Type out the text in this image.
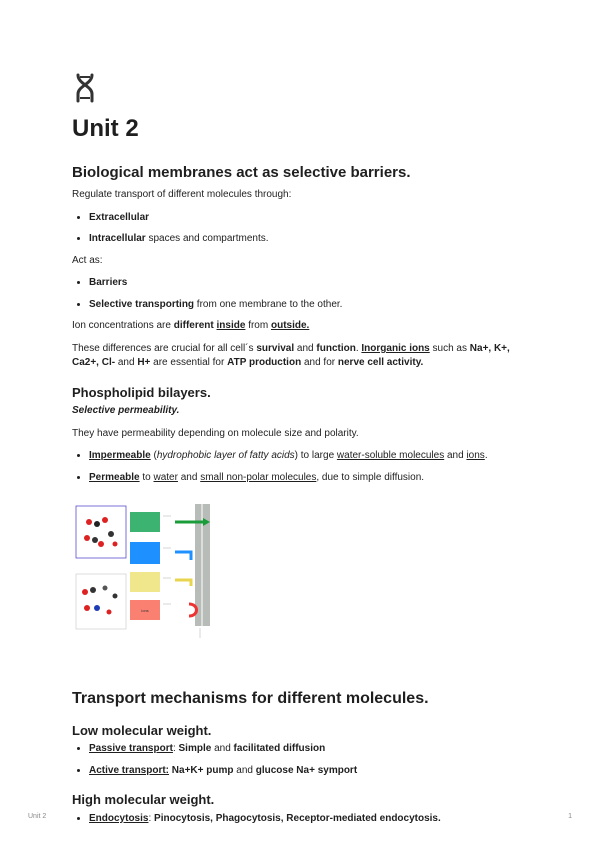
Unit 2
Biological membranes act as selective barriers.

Regulate transport of different molecules through:

• Extracellular
• Intracellular spaces and compartments.

Act as:

• Barriers
• Selective transporting from one membrane to the other.

Ion concentrations are different inside from outside.

These differences are crucial for all cell´s survival and function. Inorganic ions such as Na+, K+, Ca2+, Cl- and H+ are essential for ATP production and for nerve cell activity.

Phospholipid bilayers.

Selective permeability.

They have permeability depending on molecule size and polarity.

• Impermeable (hydrophobic layer of fatty acids) to large water-soluble molecules and ions.
• Permeable to water and small non-polar molecules, due to simple diffusion.
ions
Transport mechanisms for different molecules.
Low molecular weight.
• Passive transport: Simple and facilitated diffusion
• Active transport: Na+K+ pump and glucose Na+ symport
High molecular weight.
• Endocytosis: Pinocytosis, Phagocytosis, Receptor-mediated endocytosis.
Unit 2	1
